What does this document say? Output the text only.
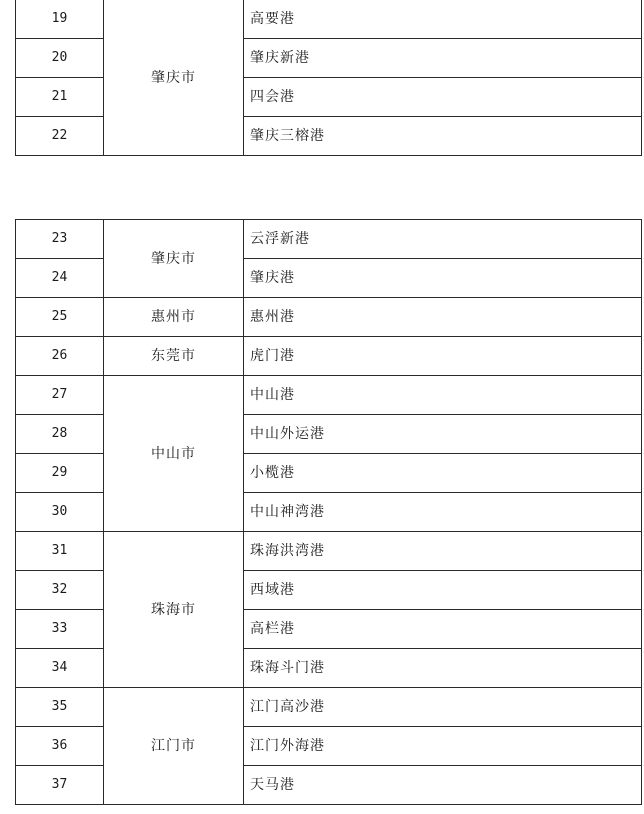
19	肇庆市	高要港
20		肇庆新港
21		四会港
22		肇庆三榕港
23	肇庆市	云浮新港
24		肇庆港
25	惠州市	惠州港
26	东莞市	虎门港
27	中山市	中山港
28		中山外运港
29		小榄港
30		中山神湾港
31	珠海市	珠海洪湾港
32		西域港
33		高栏港
34		珠海斗门港
35	江门市	江门高沙港
36		江门外海港
37		天马港
